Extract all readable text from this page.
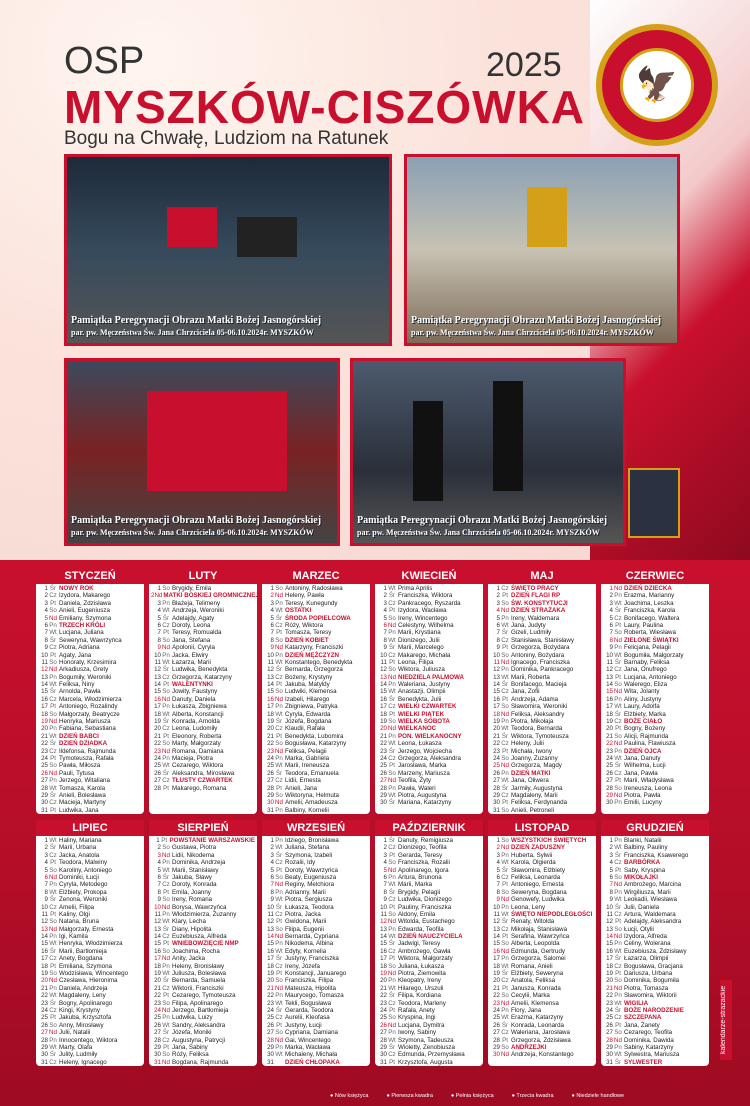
OSP	2025
MYSZKÓW-CISZÓWKA
Bogu na Chwałę, Ludziom na Ratunek
🦅
Pamiątka Peregrynacji Obrazu Matki Bożej Jasnogórskiej
par. pw. Męczeństwa Św. Jana Chrzciciela 05-06.10.2024r. MYSZKÓW
Pamiątka Peregrynacji Obrazu Matki Bożej Jasnogórskiej
par. pw. Męczeństwa Św. Jana Chrzciciela 05-06.10.2024r. MYSZKÓW
Pamiątka Peregrynacji Obrazu Matki Bożej Jasnogórskiej
par. pw. Męczeństwa Św. Jana Chrzciciela 05-06.10.2024r. MYSZKÓW
Pamiątka Peregrynacji Obrazu Matki Bożej Jasnogórskiej
par. pw. Męczeństwa Św. Jana Chrzciciela 05-06.10.2024r. MYSZKÓW
STYCZEŃ
1 Śr NOWY ROK
2 Cz Izydora, Makarego
3 Pt Daniela, Zdzisława
4 So Anieli, Eugeniusza
5 Nd Emiliany, Szymona
6 Pn TRZECH KRÓLI
7 Wt Lucjana, Juliana
8 Śr Seweryna, Wawrzyńca
9 Cz Piotra, Adriana
10 Pt Agaty, Jana
11 So Honoraty, Krzesimira
12 Nd Arkadiusza, Grety
13 Pn Bogumiły, Weroniki
14 Wt Feliksa, Niny
15 Śr Arnolda, Pawła
16 Cz Marcela, Włodzimierza
17 Pt Antoniego, Rozalindy
18 So Małgorzaty, Beatrycze
19 Nd Henryka, Mariusza
20 Pn Fabiana, Sebastiana
21 Wt DZIEŃ BABCI
22 Śr DZIEŃ DZIADKA
23 Cz Ildefonsa, Rajmunda
24 Pt Tymoteusza, Rafała
25 So Pawła, Miłosza
26 Nd Pauli, Tytusa
27 Pn Jerzego, Witaliana
28 Wt Tomasza, Karola
29 Śr Anieli, Bolesława
30 Cz Macieja, Martyny
31 Pt Ludwika, Jana
LUTY
1 So Brygidy, Emila
2 Nd MATKI BOSKIEJ GROMNICZNEJ
3 Pn Błażeja, Telimeny
4 Wt Andrzeja, Weroniki
5 Śr Adelajdy, Agaty
6 Cz Doroty, Leona
7 Pt Teresy, Romualda
8 So Jana, Stefana
9 Nd Apolonii, Cyryla
10 Pn Jacka, Elwiry
11 Wt Łazarza, Marii
12 Śr Ludwika, Benedykta
13 Cz Grzegorza, Katarzyny
14 Pt WALENTYNKI
15 So Jowity, Faustyny
16 Nd Danuty, Daniela
17 Pn Łukasza, Zbigniewa
18 Wt Alberta, Konstancji
19 Śr Konrada, Arnolda
20 Cz Leona, Ludomiły
21 Pt Eleonory, Roberta
22 So Marty, Małgorzaty
23 Nd Romana, Damiana
24 Pn Macieja, Piotra
25 Wt Cezarego, Wiktora
26 Śr Aleksandra, Mirosława
27 Cz TŁUSTY CZWARTEK
28 Pt Makarego, Romana
MARZEC
1 So Antoniny, Radosława
2 Nd Heleny, Pawła
3 Pn Teresy, Kunegundy
4 Wt OSTATKI
5 Śr ŚRODA POPIELCOWA
6 Cz Róży, Wiktora
7 Pt Tomasza, Teresy
8 So DZIEŃ KOBIET
9 Nd Katarzyny, Franciszki
10 Pn DZIEŃ MĘŻCZYZN
11 Wt Konstantego, Benedykta
12 Śr Bernarda, Grzegorza
13 Cz Bożeny, Krystyny
14 Pt Jakuba, Matyldy
15 So Ludwiki, Klemensa
16 Nd Izabeli, Hilarego
17 Pn Zbigniewa, Patryka
18 Wt Cyryla, Edwarda
19 Śr Józefa, Bogdana
20 Cz Klaudii, Rafała
21 Pt Benedykta, Lubomira
22 So Bogusława, Katarzyny
23 Nd Feliksa, Pelagii
24 Pn Marka, Gabriela
25 Wt Marii, Ireneusza
26 Śr Teodora, Emanuela
27 Cz Lidii, Ernesta
28 Pt Anieli, Jana
29 So Wiktoryna, Helmuta
30 Nd Amelii, Amadeusza
31 Pn Balbiny, Kornelii
KWIECIEŃ
1 Wt Prima Aprilis
2 Śr Franciszka, Wiktora
3 Cz Pankracego, Ryszarda
4 Pt Izydora, Wacława
5 So Ireny, Wincentego
6 Nd Celestyny, Wilhelma
7 Pn Marii, Krystiana
8 Wt Dionizego, Julii
9 Śr Marii, Marcelego
10 Cz Makarego, Michała
11 Pt Leona, Filipa
12 So Wiktora, Juliusza
13 Nd NIEDZIELA PALMOWA
14 Pn Waleriana, Justyny
15 Wt Anastazji, Olimpii
16 Śr Benedykta, Julii
17 Cz WIELKI CZWARTEK
18 Pt WIELKI PIĄTEK
19 So WIELKA SOBOTA
20 Nd WIELKANOC
21 Pn PON. WIELKANOCNY
22 Wt Leona, Łukasza
23 Śr Jerzego, Wojciecha
24 Cz Grzegorza, Aleksandra
25 Pt Jarosława, Marka
26 So Marzeny, Mariusza
27 Nd Teofila, Żyty
28 Pn Pawła, Waleri
29 Wt Piotra, Augustyna
30 Śr Mariana, Katarzyny
MAJ
1 Cz ŚWIĘTO PRACY
2 Pt DZIEŃ FLAGI RP
3 So ŚW. KONSTYTUCJI
4 Nd DZIEŃ STRAŻAKA
5 Pn Ireny, Waldemara
6 Wt Jana, Judyty
7 Śr Gizeli, Ludmiły
8 Cz Stanisława, Stanisławy
9 Pt Grzegorza, Bożydara
10 So Antoniny, Bożydara
11 Nd Ignacego, Franciszka
12 Pn Dominika, Pankracego
13 Wt Marii, Roberta
14 Śr Bonifacego, Macieja
15 Cz Jana, Zofii
16 Pt Andrzeja, Adama
17 So Sławomira, Weroniki
18 Nd Feliksa, Aleksandry
19 Pn Piotra, Mikołaja
20 Wt Teodora, Bernarda
21 Śr Wiktora, Tymoteusza
22 Cz Heleny, Julii
23 Pt Michała, Iwony
24 So Joanny, Zuzanny
25 Nd Grzegorza, Magdy
26 Pn DZIEŃ MATKI
27 Wt Jana, Oliwera
28 Śr Jarmiły, Augustyna
29 Cz Magdaleny, Marii
30 Pt Feliksa, Ferdynanda
31 So Anieli, Petroneli
CZERWIEC
1 Nd DZIEŃ DZIECKA
2 Pn Erazma, Marianny
3 Wt Joachima, Leszka
4 Śr Franciszka, Karola
5 Cz Bonifacego, Waltera
6 Pt Laury, Paulina
7 So Roberta, Wiesława
8 Nd ZIELONE ŚWIĄTKI
9 Pn Felicjana, Pelagii
10 Wt Bogumiła, Małgorzaty
11 Śr Barnaby, Feliksa
12 Cz Jana, Onufrego
13 Pt Lucjana, Antoniego
14 So Walerego, Eliza
15 Nd Wita, Jolanty
16 Pn Aliny, Justyny
17 Wt Laury, Adolfa
18 Śr Elżbiety, Marka
19 Cz BOŻE CIAŁO
20 Pt Bogny, Bożeny
21 So Alicji, Rajmunda
22 Nd Paulina, Flawiusza
23 Pn DZIEŃ OJCA
24 Wt Jana, Danuty
25 Śr Wilhelma, Łucji
26 Cz Jana, Pawła
27 Pt Marii, Władysława
28 So Ireneusza, Leona
29 Nd Piotra, Pawła
30 Pn Emilii, Lucyny
LIPIEC
1 Wt Haliny, Mariana
2 Śr Marii, Urbana
3 Cz Jacka, Anatola
4 Pt Teodora, Malwiny
5 So Karoliny, Antoniego
6 Nd Dominiki, Łucji
7 Pn Cyryla, Metodego
8 Wt Elżbiety, Prokopa
9 Śr Zenona, Weroniki
10 Cz Amelii, Filipa
11 Pt Kaliny, Olgi
12 So Natana, Bruna
13 Nd Małgorzaty, Ernesta
14 Pn Igi, Kamila
15 Wt Henryka, Włodzimierza
16 Śr Marii, Bartłomieja
17 Cz Anety, Bogdana
18 Pt Emiliana, Szymona
19 So Wodzisława, Wincentego
20 Nd Czesława, Hieronima
21 Pn Daniela, Andrzeja
22 Wt Magdaleny, Leny
23 Śr Bogny, Apolinarego
24 Cz Kingi, Krystyny
25 Pt Jakuba, Krzysztofa
26 So Anny, Mirosławy
27 Nd Julii, Natalii
28 Pn Innocentego, Wiktora
29 Wt Marty, Olafa
30 Śr Julity, Ludmiły
31 Cz Heleny, Ignacego
SIERPIEŃ
1 Pt POWSTANIE WARSZAWSKIE
2 So Gustawa, Piotra
3 Nd Lidii, Nikodema
4 Pn Dominika, Andrzeja
5 Wt Marii, Stanisławy
6 Śr Jakuba, Sławy
7 Cz Doroty, Konrada
8 Pt Emila, Joanny
9 So Ireny, Romana
10 Nd Borysa, Wawrzyńca
11 Pn Włodzimierza, Zuzanny
12 Wt Klary, Lecha
13 Śr Diany, Hipolita
14 Cz Euzebiusza, Alfreda
15 Pt WNIEBOWZIĘCIE NMP
16 So Joachima, Rocha
17 Nd Anity, Jacka
18 Pn Heleny, Bronisławy
19 Wt Juliusza, Bolesława
20 Śr Bernarda, Samuela
21 Cz Wiktorii, Franciszki
22 Pt Cezarego, Tymoteusza
23 So Filipa, Apolinarego
24 Nd Jerzego, Bartłomieja
25 Pn Ludwika, Luizy
26 Wt Sandry, Aleksandra
27 Śr Józefa, Moniki
28 Cz Augustyna, Patrycji
29 Pt Jana, Sabiny
30 So Róży, Feliksa
31 Nd Bogdana, Rajmunda
WRZESIEŃ
1 Pn Idziego, Bronisława
2 Wt Juliana, Stefana
3 Śr Szymona, Izabeli
4 Cz Rozalii, Idy
5 Pt Doroty, Wawrzyńca
6 So Beaty, Eugeniusza
7 Nd Reginy, Melchiora
8 Pn Adrianny, Marii
9 Wt Piotra, Sergiusza
10 Śr Łukasza, Teodora
11 Cz Piotra, Jacka
12 Pt Gwidona, Marii
13 So Filipa, Eugenii
14 Nd Bernarda, Cypriana
15 Pn Nikodema, Albina
16 Wt Edyty, Kornelia
17 Śr Justyny, Franciszka
18 Cz Ireny, Józefa
19 Pt Konstancji, Januarego
20 So Franciszka, Filipa
21 Nd Mateusza, Hipolita
22 Pn Maurycego, Tomasza
23 Wt Tekli, Bogusława
24 Śr Gerarda, Teodora
25 Cz Aurelii, Kleofasa
26 Pt Justyny, Łucji
27 So Cypriana, Damiana
28 Nd Gai, Wincentego
29 Pn Marka, Wacława
30 Wt Michaleny, Michała
31 DZIEŃ CHŁOPAKA
PAŹDZIERNIK
1 Śr Danuty, Remigiusza
2 Cz Dionizego, Teofila
3 Pt Gerarda, Teresy
4 So Franciszka, Rozalii
5 Nd Apolinarego, Igora
6 Pn Artura, Brunona
7 Wt Marii, Marka
8 Śr Brygidy, Pelagii
9 Cz Ludwika, Dionizego
10 Pt Pauliny, Franciszka
11 So Aldony, Emila
12 Nd Witolda, Eustachego
13 Pn Edwarda, Teofila
14 Wt DZIEŃ NAUCZYCIELA
15 Śr Jadwigi, Teresy
16 Cz Ambrożego, Gawła
17 Pt Wiktora, Małgorzaty
18 So Juliana, Łukasza
19 Nd Piotra, Ziemowita
20 Pn Kleopatry, Ireny
21 Wt Hilarego, Urszuli
22 Śr Filipa, Kordiana
23 Cz Teodora, Marleny
24 Pt Rafała, Anety
25 So Kryspina, Ingi
26 Nd Lucjana, Dymitra
27 Pn Iwony, Sabiny
28 Wt Szymona, Tadeusza
29 Śr Wioletty, Zenobiusza
30 Cz Edmunda, Przemysława
31 Pt Krzysztofa, Augusta
LISTOPAD
1 So WSZYSTKICH ŚWIĘTYCH
2 Nd DZIEŃ ZADUSZNY
3 Pn Huberta, Sylwii
4 Wt Karola, Olgierda
5 Śr Sławomira, Elżbiety
6 Cz Feliksa, Leonarda
7 Pt Antoniego, Ernesta
8 So Seweryna, Bogdana
9 Nd Genowefy, Ludwika
10 Pn Leona, Leny
11 Wt ŚWIĘTO NIEPODLEGŁOŚCI
12 Śr Renaty, Witolda
13 Cz Mikołaja, Stanisława
14 Pt Serafina, Wawrzyńca
15 So Alberta, Leopolda
16 Nd Edmunda, Gertrudy
17 Pn Grzegorza, Salomei
18 Wt Romana, Anieli
19 Śr Elżbiety, Seweryna
20 Cz Anatola, Feliksa
21 Pt Janusza, Konrada
22 So Cecylii, Marka
23 Nd Amelii, Klemensa
24 Pn Flory, Jana
25 Wt Erazma, Katarzyny
26 Śr Konrada, Leonarda
27 Cz Waleriana, Jarosława
28 Pt Grzegorza, Zdzisława
29 So ANDRZEJKI
30 Nd Andrzeja, Konstantego
GRUDZIEŃ
1 Pn Blanki, Natalii
2 Wt Balbiny, Pauliny
3 Śr Franciszka, Ksawerego
4 Cz BARBÓRKA
5 Pt Saby, Kryspina
6 So MIKOŁAJKI
7 Nd Ambrożego, Marcina
8 Pn Wirgiliusza, Marii
9 Wt Leokadii, Wiesława
10 Śr Julii, Daniela
11 Cz Artura, Waldemara
12 Pt Adelajdy, Aleksandra
13 So Łucji, Otylii
14 Nd Izydora, Alfreda
15 Pn Celiny, Wolerana
16 Wt Euzebiusza, Zdzisławy
17 Śr Łazarza, Olimpii
18 Cz Bogusława, Gracjana
19 Pt Dariusza, Urbana
20 So Dominika, Bogumiła
21 Nd Piotra, Tomasza
22 Pn Sławomira, Wiktorii
23 Wt WIGILIA
24 Śr BOŻE NARODZENIE
25 Cz SZCZEPANA
26 Pt Jana, Żanety
27 So Cezarego, Teofila
28 Nd Dominika, Dawida
29 Pn Sabiny, Katarzyny
30 Wt Sylwestra, Mariusza
31 Śr SYLWESTER
● Nów księżyca	● Pierwsza kwadra	● Pełnia księżyca	● Trzecia kwadra	● Niedziele handlowe
kalendarze-strazackie
